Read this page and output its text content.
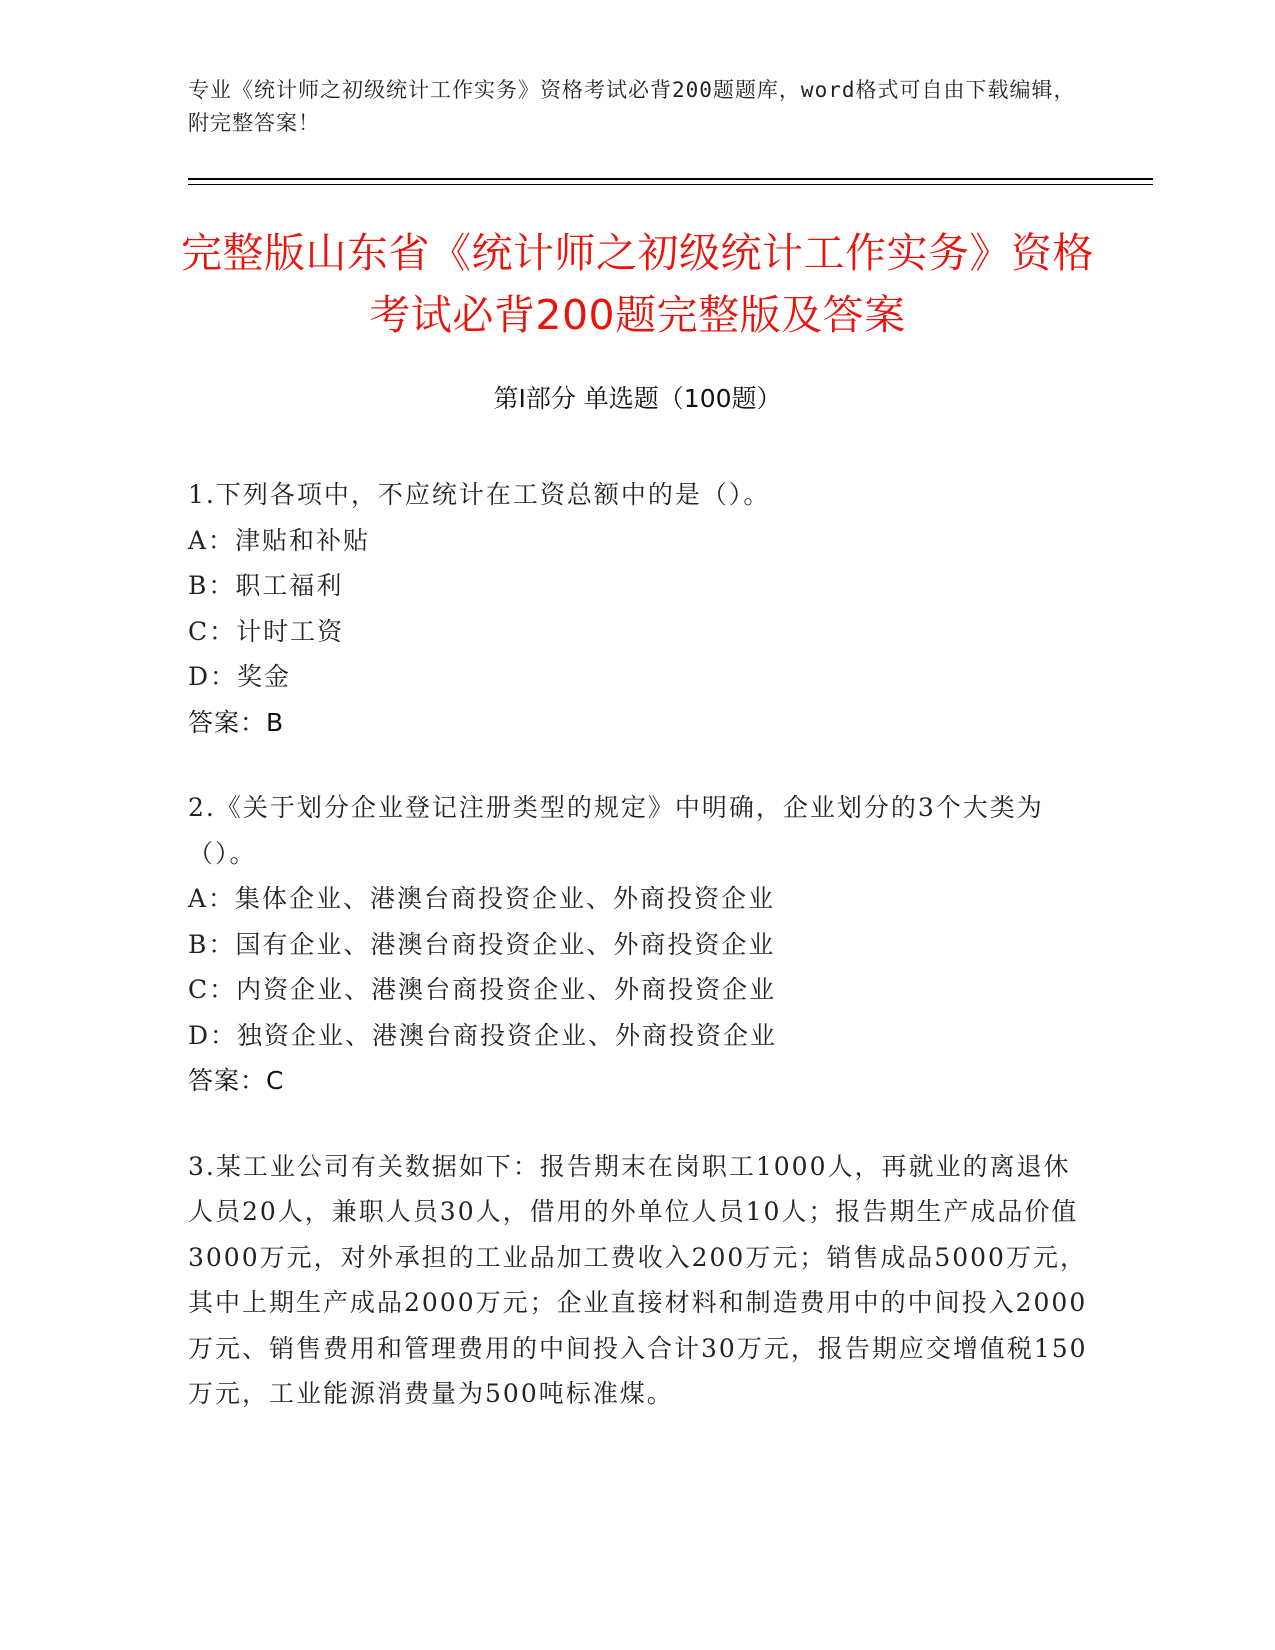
专业《统计师之初级统计工作实务》资格考试必背200题题库，word格式可自由下载编辑，附完整答案！
完整版山东省《统计师之初级统计工作实务》资格考试必背200题完整版及答案
第Ⅰ部分 单选题（100题）
1.下列各项中，不应统计在工资总额中的是（）。
A：津贴和补贴
B：职工福利
C：计时工资
D：奖金
答案：B
2.《关于划分企业登记注册类型的规定》中明确，企业划分的3个大类为（）。
A：集体企业、港澳台商投资企业、外商投资企业
B：国有企业、港澳台商投资企业、外商投资企业
C：内资企业、港澳台商投资企业、外商投资企业
D：独资企业、港澳台商投资企业、外商投资企业
答案：C
3.某工业公司有关数据如下：报告期末在岗职工1000人，再就业的离退休人员20人，兼职人员30人，借用的外单位人员10人；报告期生产成品价值3000万元，对外承担的工业品加工费收入200万元；销售成品5000万元，其中上期生产成品2000万元；企业直接材料和制造费用中的中间投入2000万元、销售费用和管理费用的中间投入合计30万元，报告期应交增值税150万元，工业能源消费量为500吨标准煤。
